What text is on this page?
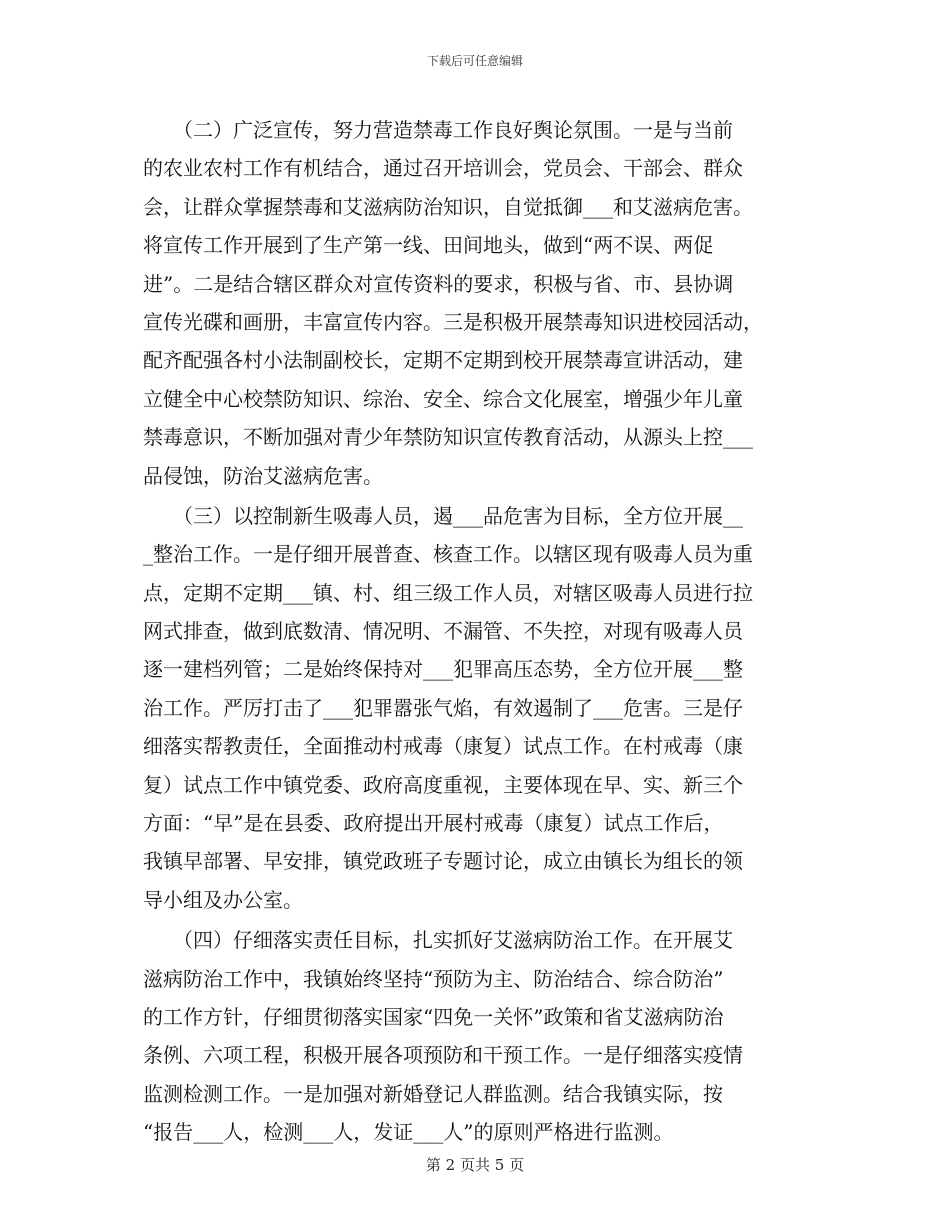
下载后可任意编辑
　　（二）广泛宣传，努力营造禁毒工作良好舆论氛围。一是与当前
的农业农村工作有机结合，通过召开培训会，党员会、干部会、群众
会，让群众掌握禁毒和艾滋病防治知识，自觉抵御___和艾滋病危害。
将宣传工作开展到了生产第一线、田间地头，做到“两不误、两促
进”。二是结合辖区群众对宣传资料的要求，积极与省、市、县协调
宣传光碟和画册，丰富宣传内容。三是积极开展禁毒知识进校园活动，
配齐配强各村小法制副校长，定期不定期到校开展禁毒宣讲活动，建
立健全中心校禁防知识、综治、安全、综合文化展室，增强少年儿童
禁毒意识，不断加强对青少年禁防知识宣传教育活动，从源头上控___
品侵蚀，防治艾滋病危害。
　　（三）以控制新生吸毒人员，遏___品危害为目标，全方位开展__
_整治工作。一是仔细开展普查、核查工作。以辖区现有吸毒人员为重
点，定期不定期___镇、村、组三级工作人员，对辖区吸毒人员进行拉
网式排查，做到底数清、情况明、不漏管、不失控，对现有吸毒人员
逐一建档列管；二是始终保持对___犯罪高压态势，全方位开展___整
治工作。严厉打击了___犯罪嚣张气焰，有效遏制了___危害。三是仔
细落实帮教责任，全面推动村戒毒（康复）试点工作。在村戒毒（康
复）试点工作中镇党委、政府高度重视，主要体现在早、实、新三个
方面：“早”是在县委、政府提出开展村戒毒（康复）试点工作后，
我镇早部署、早安排，镇党政班子专题讨论，成立由镇长为组长的领
导小组及办公室。
　　（四）仔细落实责任目标，扎实抓好艾滋病防治工作。在开展艾
滋病防治工作中，我镇始终坚持“预防为主、防治结合、综合防治”
的工作方针，仔细贯彻落实国家“四免一关怀”政策和省艾滋病防治
条例、六项工程，积极开展各项预防和干预工作。一是仔细落实疫情
监测检测工作。一是加强对新婚登记人群监测。结合我镇实际，按
“报告___人，检测___人，发证___人”的原则严格进行监测。
第 2 页共 5 页
